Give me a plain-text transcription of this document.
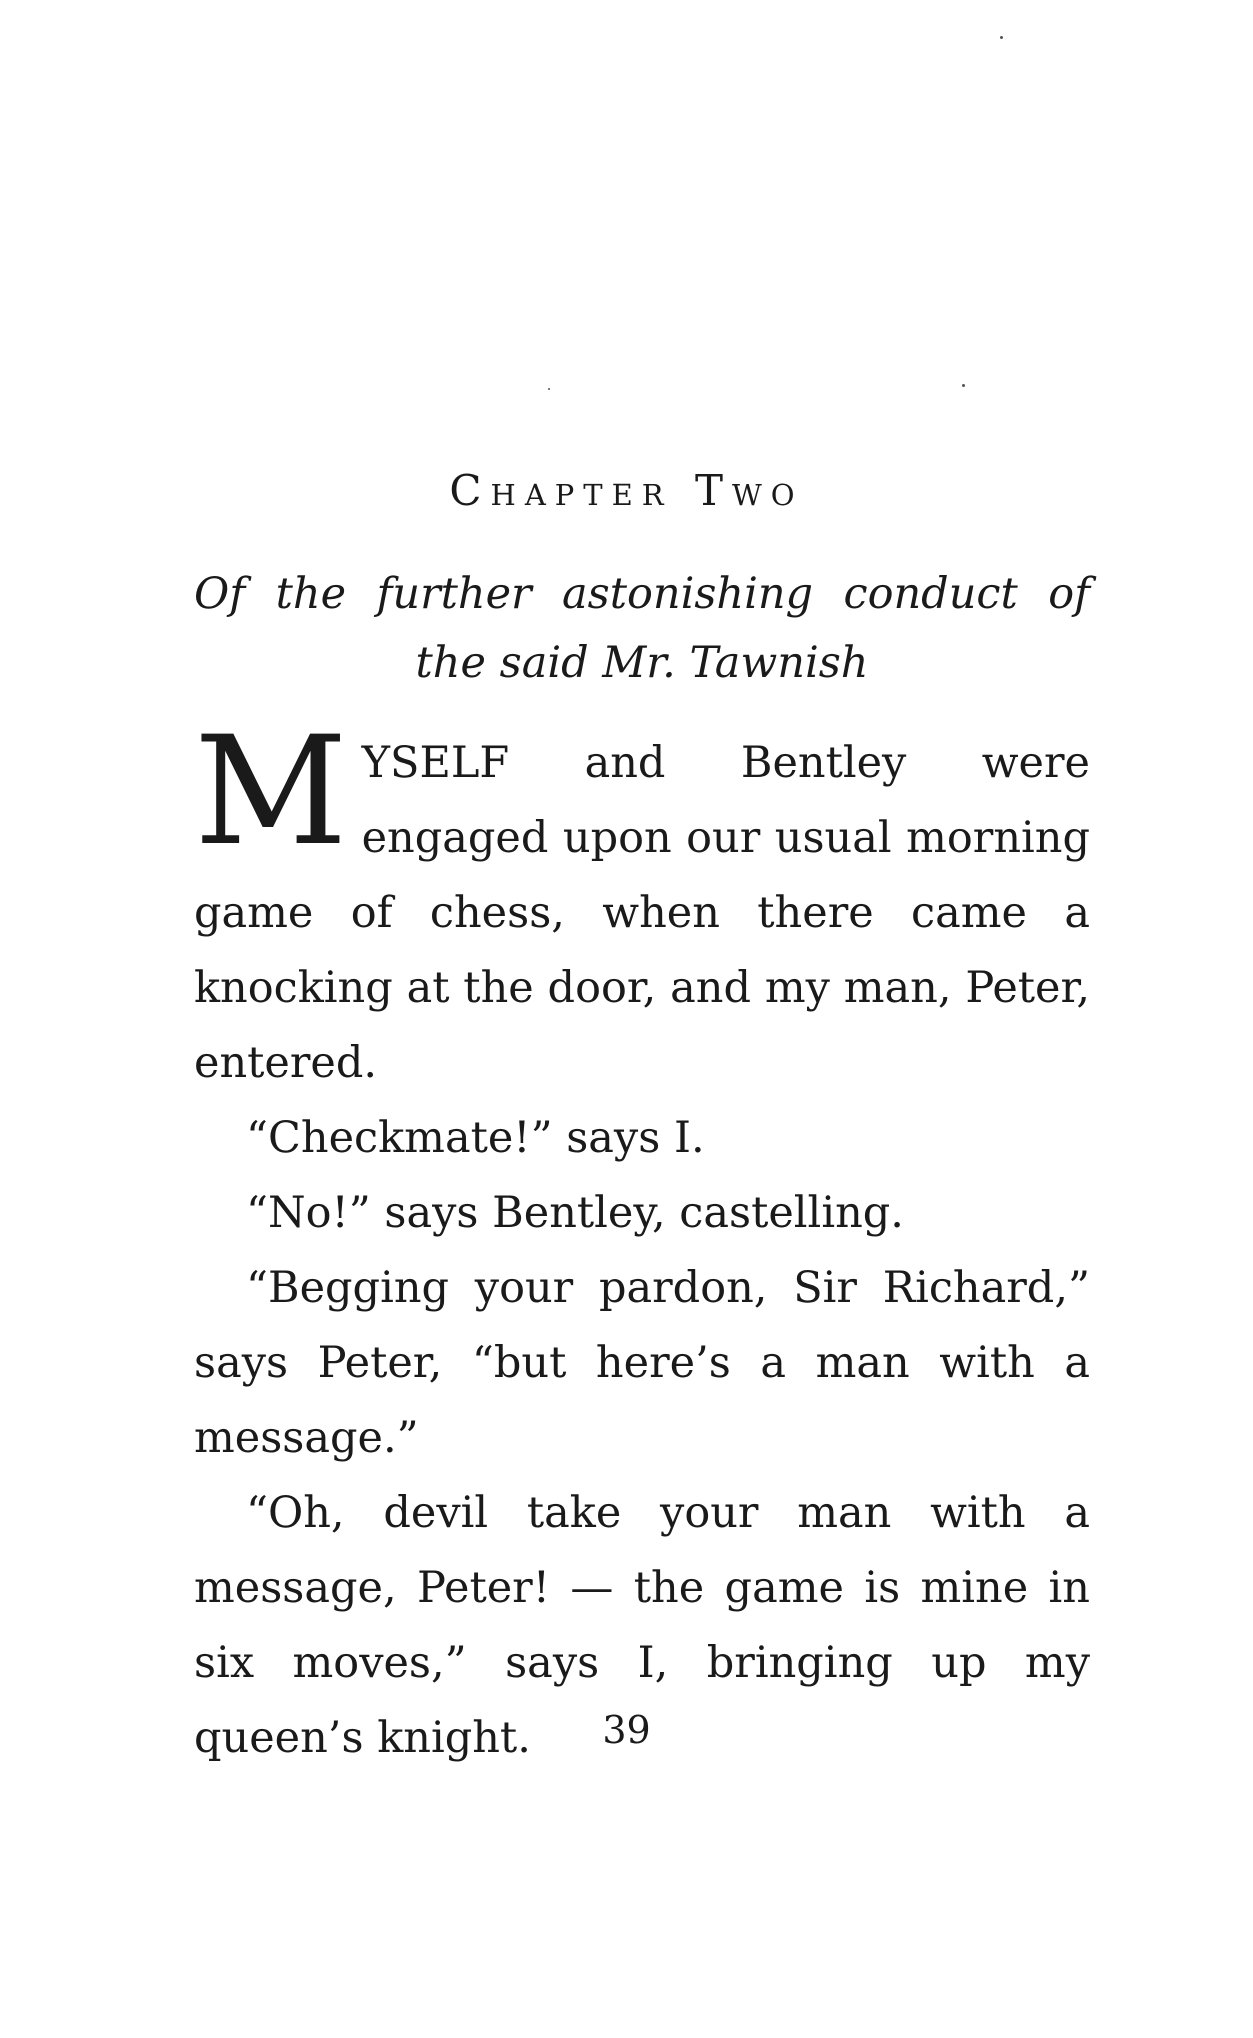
Chapter Two
Of the further astonishing conduct of the said Mr. Tawnish

MYSELF and Bentley were engaged upon our usual morning game of chess, when there came a knocking at the door, and my man, Peter, entered.

“Checkmate!” says I.

“No!” says Bentley, castelling.

“Begging your pardon, Sir Richard,” says Peter, “but here’s a man with a message.”

“Oh, devil take your man with a message, Peter! — the game is mine in six moves,” says I, bringing up my queen’s knight.	39
